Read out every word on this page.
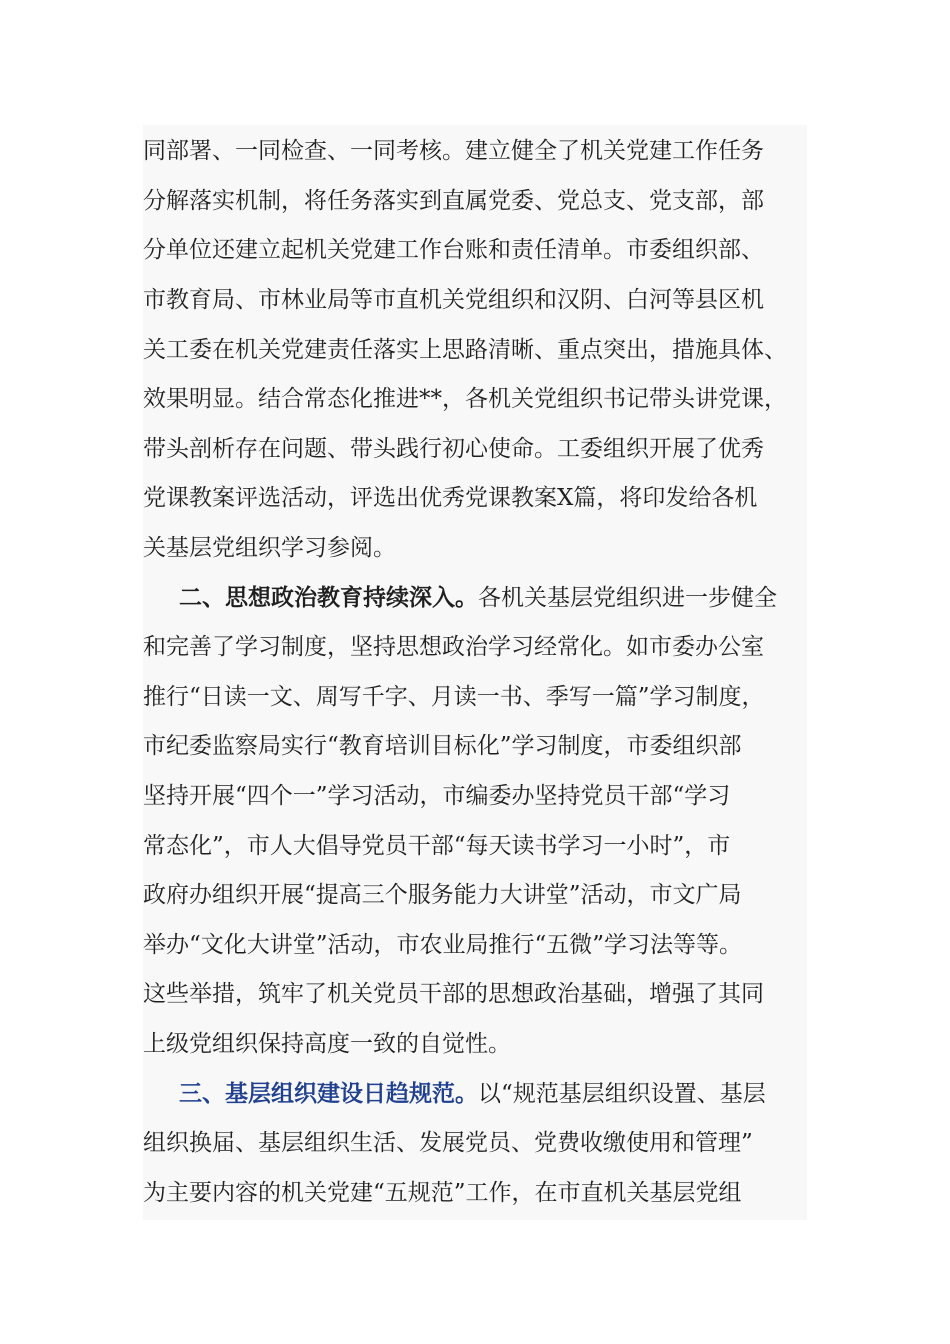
同部署、一同检查、一同考核。建立健全了机关党建工作任务
分解落实机制，将任务落实到直属党委、党总支、党支部，部
分单位还建立起机关党建工作台账和责任清单。市委组织部、
市教育局、市林业局等市直机关党组织和汉阴、白河等县区机
关工委在机关党建责任落实上思路清晰、重点突出，措施具体、
效果明显。结合常态化推进**，各机关党组织书记带头讲党课，
带头剖析存在问题、带头践行初心使命。工委组织开展了优秀
党课教案评选活动，评选出优秀党课教案X篇，将印发给各机
关基层党组织学习参阅。
二、思想政治教育持续深入。各机关基层党组织进一步健全
和完善了学习制度，坚持思想政治学习经常化。如市委办公室
推行“日读一文、周写千字、月读一书、季写一篇”学习制度，
市纪委监察局实行“教育培训目标化”学习制度，市委组织部
坚持开展“四个一”学习活动，市编委办坚持党员干部“学习
常态化”，市人大倡导党员干部“每天读书学习一小时”，市
政府办组织开展“提高三个服务能力大讲堂”活动，市文广局
举办“文化大讲堂”活动，市农业局推行“五微”学习法等等。
这些举措，筑牢了机关党员干部的思想政治基础，增强了其同
上级党组织保持高度一致的自觉性。
三、基层组织建设日趋规范。以“规范基层组织设置、基层
组织换届、基层组织生活、发展党员、党费收缴使用和管理”
为主要内容的机关党建“五规范”工作，在市直机关基层党组
